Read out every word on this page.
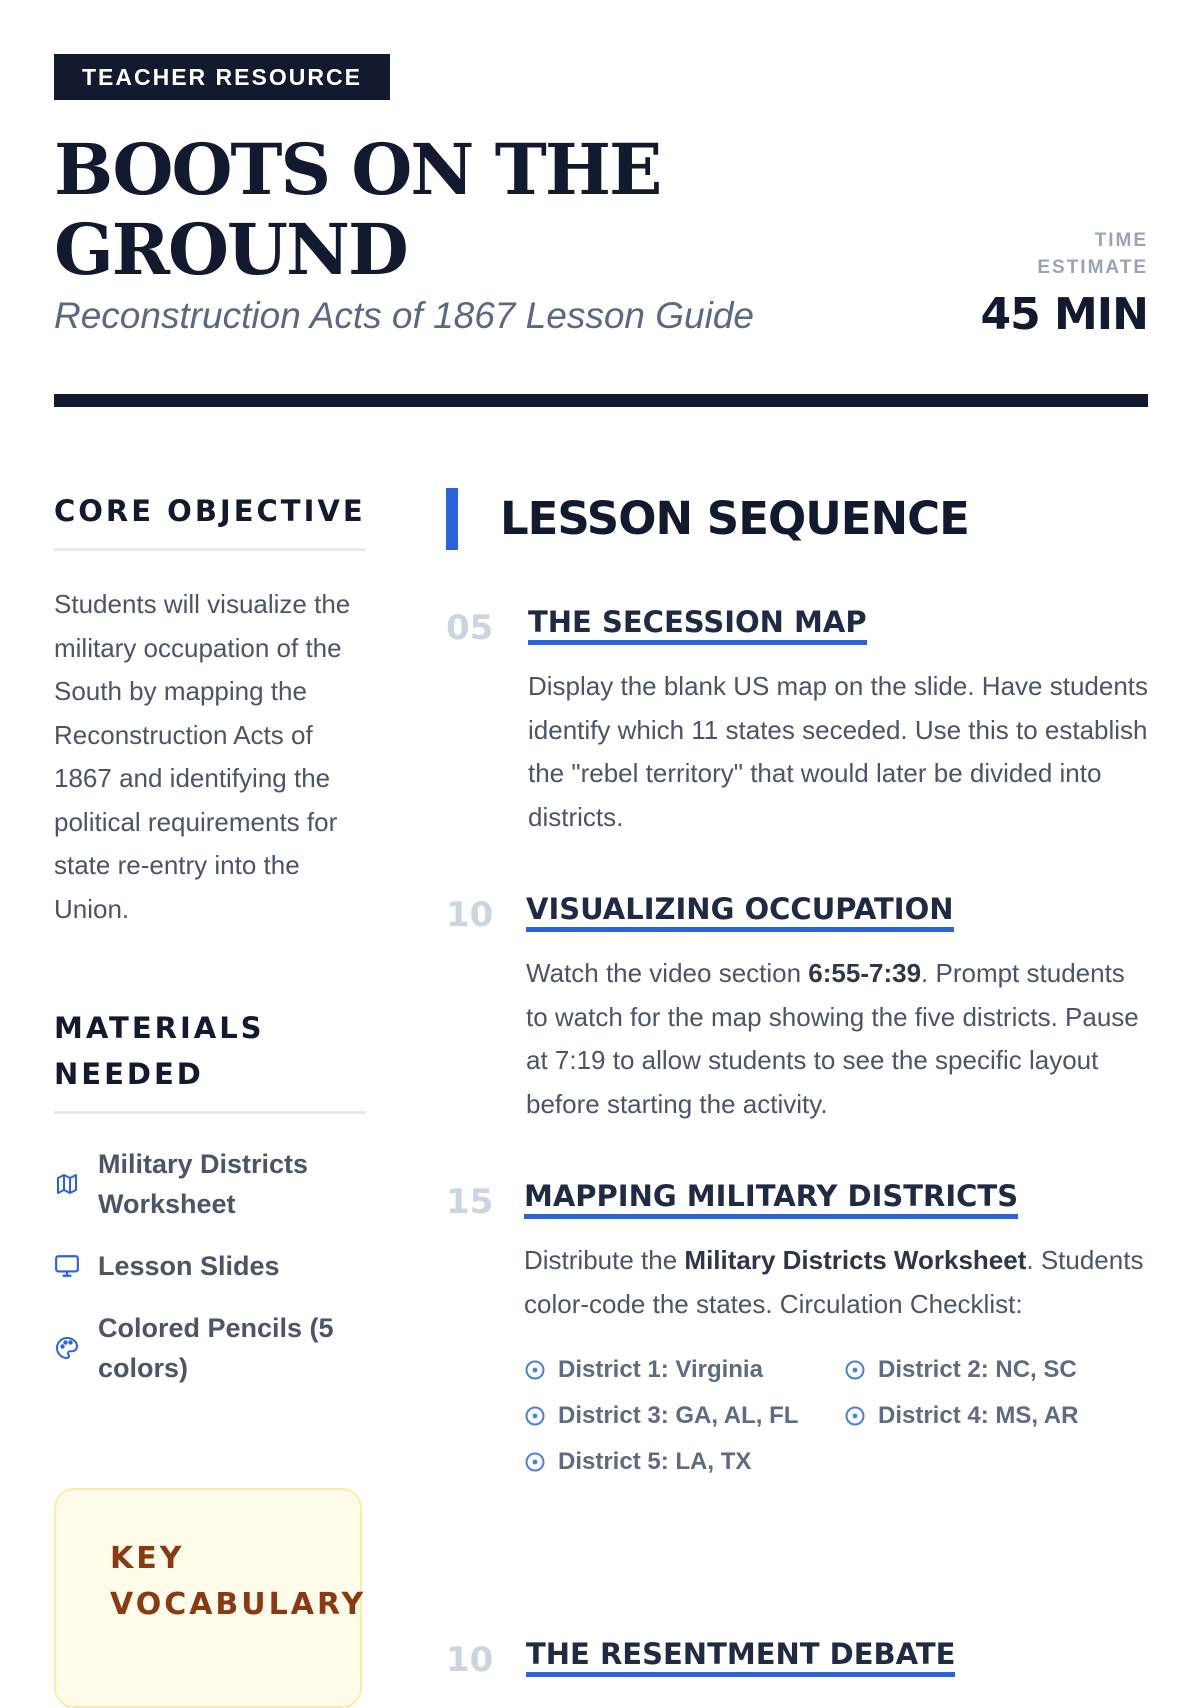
TEACHER RESOURCE
BOOTS ON THE GROUND
Reconstruction Acts of 1867 Lesson Guide
TIME ESTIMATE
45 MIN
CORE OBJECTIVE
Students will visualize the military occupation of the South by mapping the Reconstruction Acts of 1867 and identifying the political requirements for state re-entry into the Union.
MATERIALS NEEDED
Military Districts Worksheet
Lesson Slides
Colored Pencils (5 colors)
KEY VOCABULARY
LESSON SEQUENCE
05 THE SECESSION MAP
Display the blank US map on the slide. Have students identify which 11 states seceded. Use this to establish the "rebel territory" that would later be divided into districts.
10 VISUALIZING OCCUPATION
Watch the video section 6:55-7:39. Prompt students to watch for the map showing the five districts. Pause at 7:19 to allow students to see the specific layout before starting the activity.
15 MAPPING MILITARY DISTRICTS
Distribute the Military Districts Worksheet. Students color-code the states. Circulation Checklist:
District 1: Virginia	District 2: NC, SC
District 3: GA, AL, FL	District 4: MS, AR
District 5: LA, TX
10 THE RESENTMENT DEBATE
